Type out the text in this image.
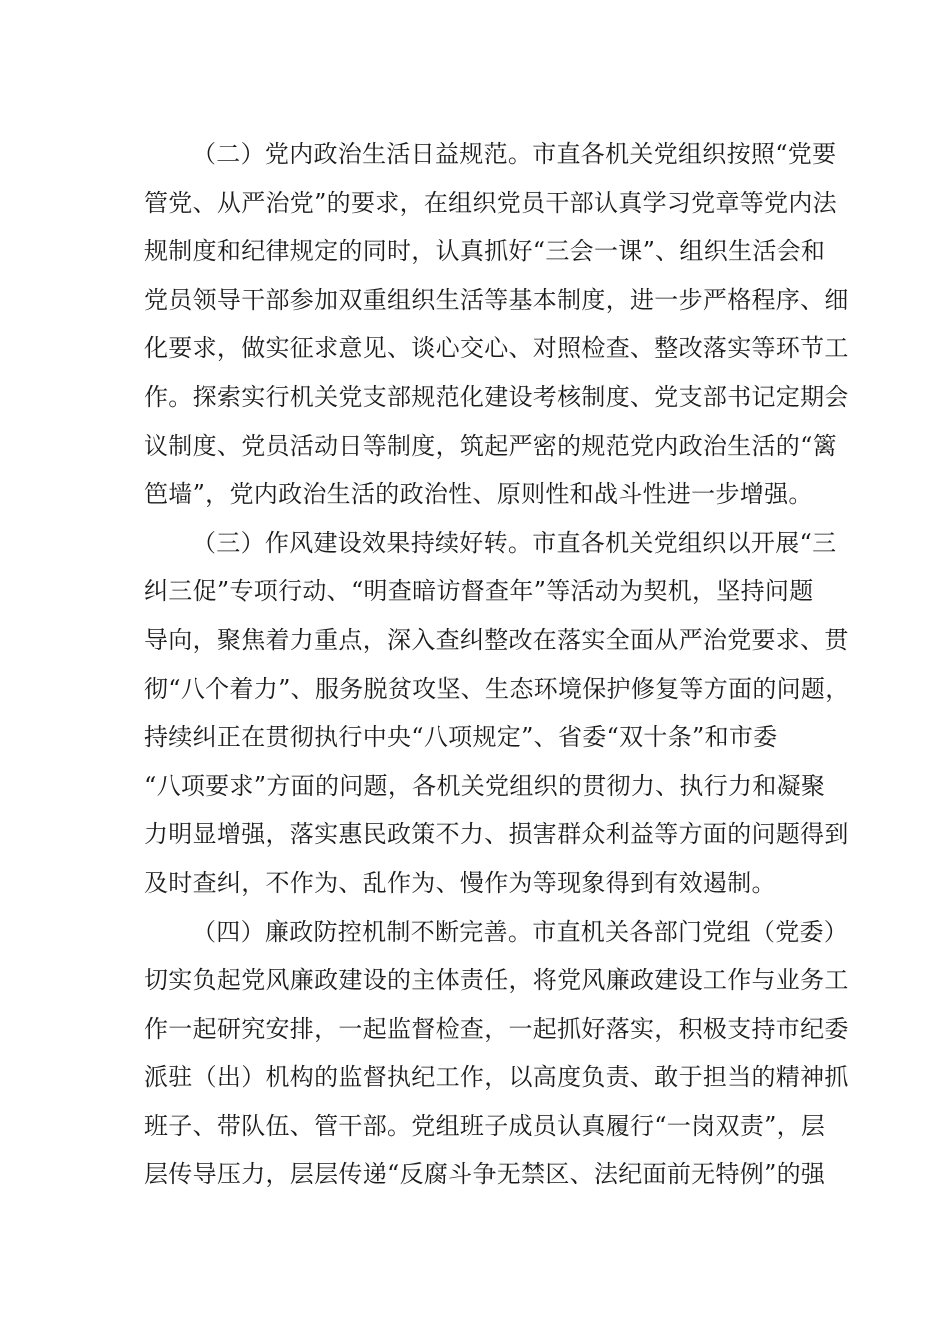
（二）党内政治生活日益规范。市直各机关党组织按照“党要
管党、从严治党”的要求，在组织党员干部认真学习党章等党内法
规制度和纪律规定的同时，认真抓好“三会一课”、组织生活会和
党员领导干部参加双重组织生活等基本制度，进一步严格程序、细
化要求，做实征求意见、谈心交心、对照检查、整改落实等环节工
作。探索实行机关党支部规范化建设考核制度、党支部书记定期会
议制度、党员活动日等制度，筑起严密的规范党内政治生活的“篱
笆墙”，党内政治生活的政治性、原则性和战斗性进一步增强。
（三）作风建设效果持续好转。市直各机关党组织以开展“三
纠三促”专项行动、“明查暗访督查年”等活动为契机，坚持问题
导向，聚焦着力重点，深入查纠整改在落实全面从严治党要求、贯
彻“八个着力”、服务脱贫攻坚、生态环境保护修复等方面的问题，
持续纠正在贯彻执行中央“八项规定”、省委“双十条”和市委
“八项要求”方面的问题，各机关党组织的贯彻力、执行力和凝聚
力明显增强，落实惠民政策不力、损害群众利益等方面的问题得到
及时查纠，不作为、乱作为、慢作为等现象得到有效遏制。
（四）廉政防控机制不断完善。市直机关各部门党组（党委）
切实负起党风廉政建设的主体责任，将党风廉政建设工作与业务工
作一起研究安排，一起监督检查，一起抓好落实，积极支持市纪委
派驻（出）机构的监督执纪工作，以高度负责、敢于担当的精神抓
班子、带队伍、管干部。党组班子成员认真履行“一岗双责”，层
层传导压力，层层传递“反腐斗争无禁区、法纪面前无特例”的强
